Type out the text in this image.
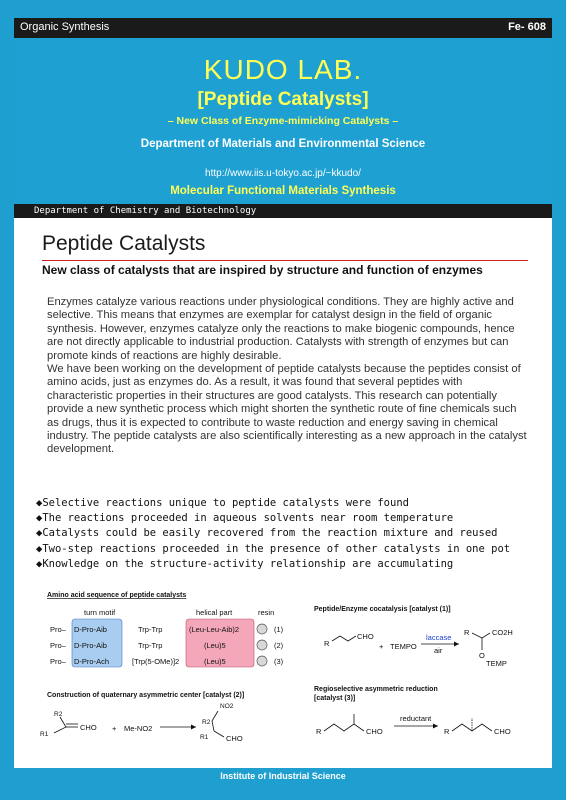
Organic Synthesis	Fe- 608
KUDO LAB.
[Peptide Catalysts]
– New Class of Enzyme-mimicking Catalysts –
Department of Materials and Environmental Science
http://www.iis.u-tokyo.ac.jp/~kkudo/
Molecular Functional Materials Synthesis
Department of Chemistry and Biotechnology
Peptide Catalysts
New class of catalysts that are inspired by structure and function of enzymes

Enzymes catalyze various reactions under physiological conditions. They are highly active and selective. This means that enzymes are exemplar for catalyst design in the field of organic synthesis. However, enzymes catalyze only the reactions to make biogenic compounds, hence are not directly applicable to industrial production. Catalysts with strength of enzymes but can promote kinds of reactions are highly desirable.

We have been working on the development of peptide catalysts because the peptides consist of amino acids, just as enzymes do. As a result, it was found that several peptides with characteristic properties in their structures are good catalysts. This research can potentially provide a new synthetic process which might shorten the synthetic route of fine chemicals such as drugs, thus it is expected to contribute to waste reduction and energy saving in chemical industry. The peptide catalysts are also scientifically interesting as a new approach in the catalyst development.

◆Selective reactions unique to peptide catalysts were found
◆The reactions proceeded in aqueous solvents near room temperature
◆Catalysts could be easily recovered from the reaction mixture and reused
◆Two-step reactions proceeded in the presence of other catalysts in one pot
◆Knowledge on the structure-activity relationship are accumulating
Amino acid sequence of peptide catalysts
turn motif	helical part	resin
Pro– D-Pro-Aib	Trp-Trp	(Leu-Leu-Aib)2	(1)
Pro– D-Pro-Aib	Trp-Trp	(Leu)5	(2)
Pro– D-Pro-Ach	[Trp(5-OMe)]2	(Leu)5	(3)
Peptide/Enzyme cocatalysis [catalyst (1)]
R
CHO
+ TEMPO
laccase
air
R	CO2H
O
TEMP
Construction of quaternary asymmetric center [catalyst (2)]
R2
R1
CHO + Me-NO2
NO2
R2
R1 CHO
Regioselective asymmetric reduction
[catalyst (3)]
R	CHO
reductant
R	CHO
Institute of Industrial Science
